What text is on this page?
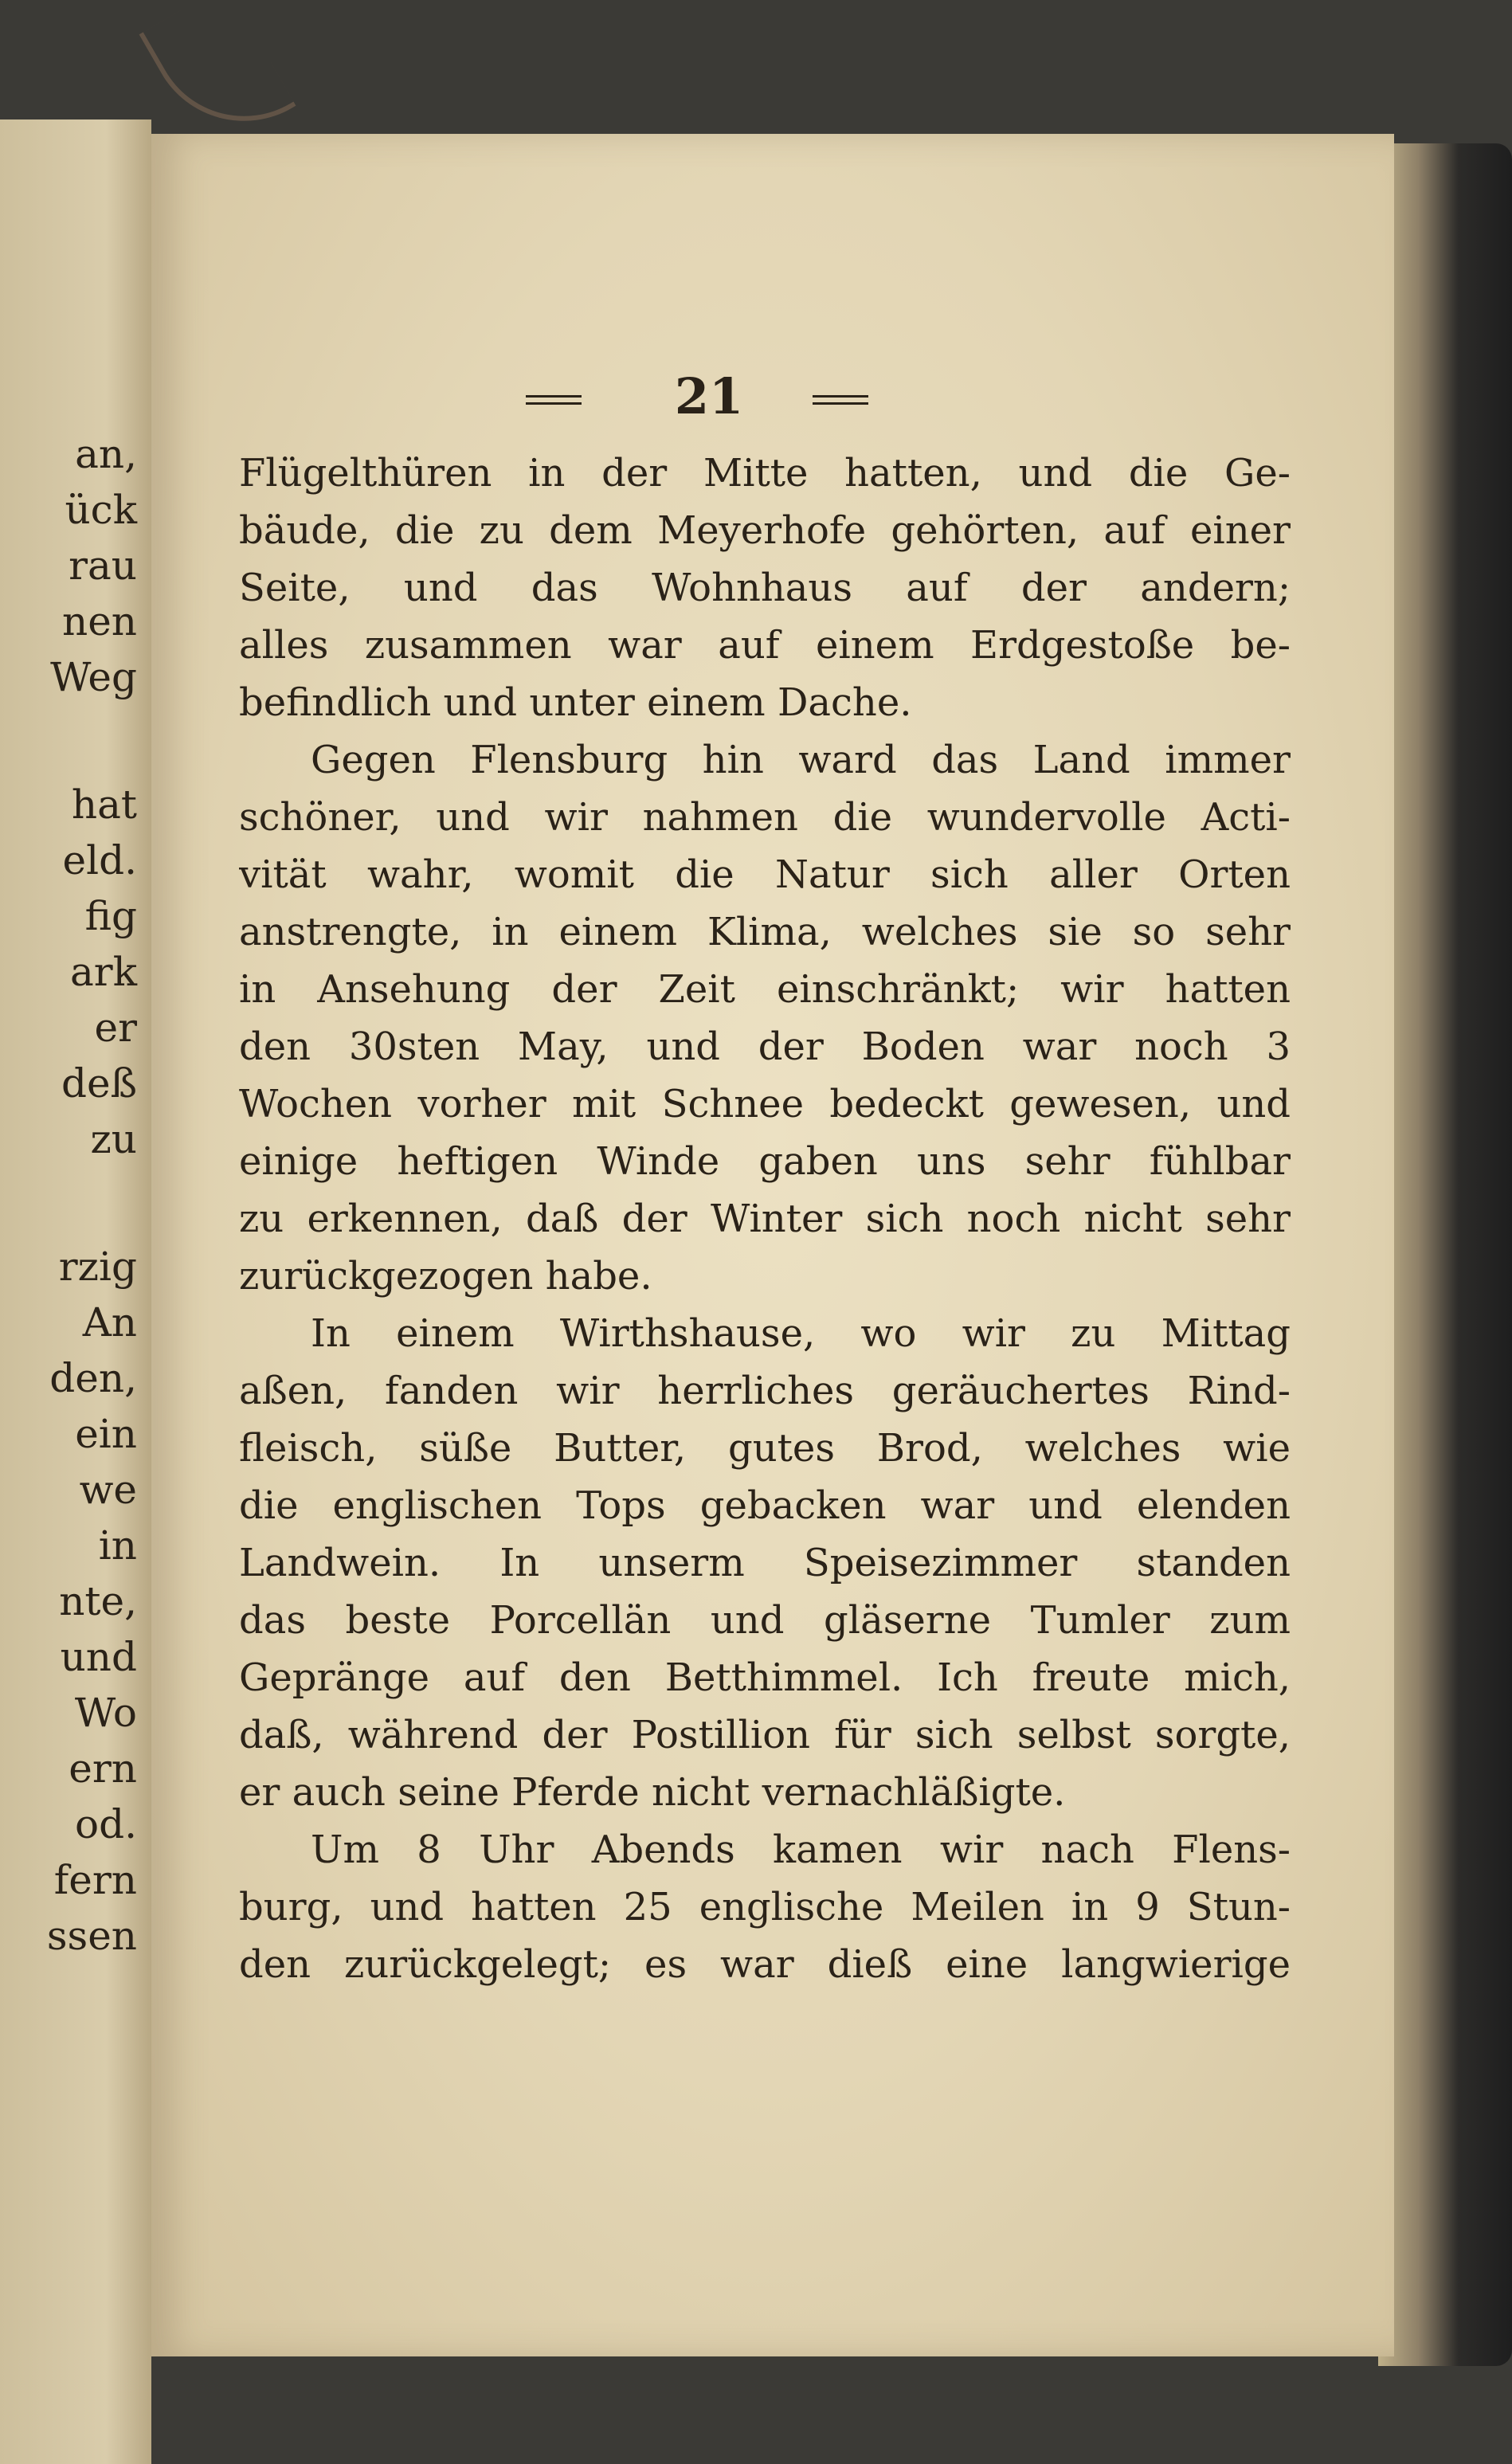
an,
ück
rau
nen
Weg
hat
eld.
fig
ark
er
deß
zu
rzig
An
den,
ein
we
in
nte,
und
Wo
ern
od.
fern
ssen
21
Flügelthüren in der Mitte hatten, und die Ge-
bäude, die zu dem Meyerhofe gehörten, auf einer
Seite, und das Wohnhaus auf der andern;
alles zusammen war auf einem Erdgestoße be-
befindlich und unter einem Dache.
Gegen Flensburg hin ward das Land immer
schöner, und wir nahmen die wundervolle Acti-
vität wahr, womit die Natur sich aller Orten
anstrengte, in einem Klima, welches sie so sehr
in Ansehung der Zeit einschränkt; wir hatten
den 30sten May, und der Boden war noch 3
Wochen vorher mit Schnee bedeckt gewesen, und
einige heftigen Winde gaben uns sehr fühlbar
zu erkennen, daß der Winter sich noch nicht sehr
zurückgezogen habe.
In einem Wirthshause, wo wir zu Mittag
aßen, fanden wir herrliches geräuchertes Rind-
fleisch, süße Butter, gutes Brod, welches wie
die englischen Tops gebacken war und elenden
Landwein. In unserm Speisezimmer standen
das beste Porcellän und gläserne Tumler zum
Gepränge auf den Betthimmel. Ich freute mich,
daß, während der Postillion für sich selbst sorgte,
er auch seine Pferde nicht vernachläßigte.
Um 8 Uhr Abends kamen wir nach Flens-
burg, und hatten 25 englische Meilen in 9 Stun-
den zurückgelegt; es war dieß eine langwierige
